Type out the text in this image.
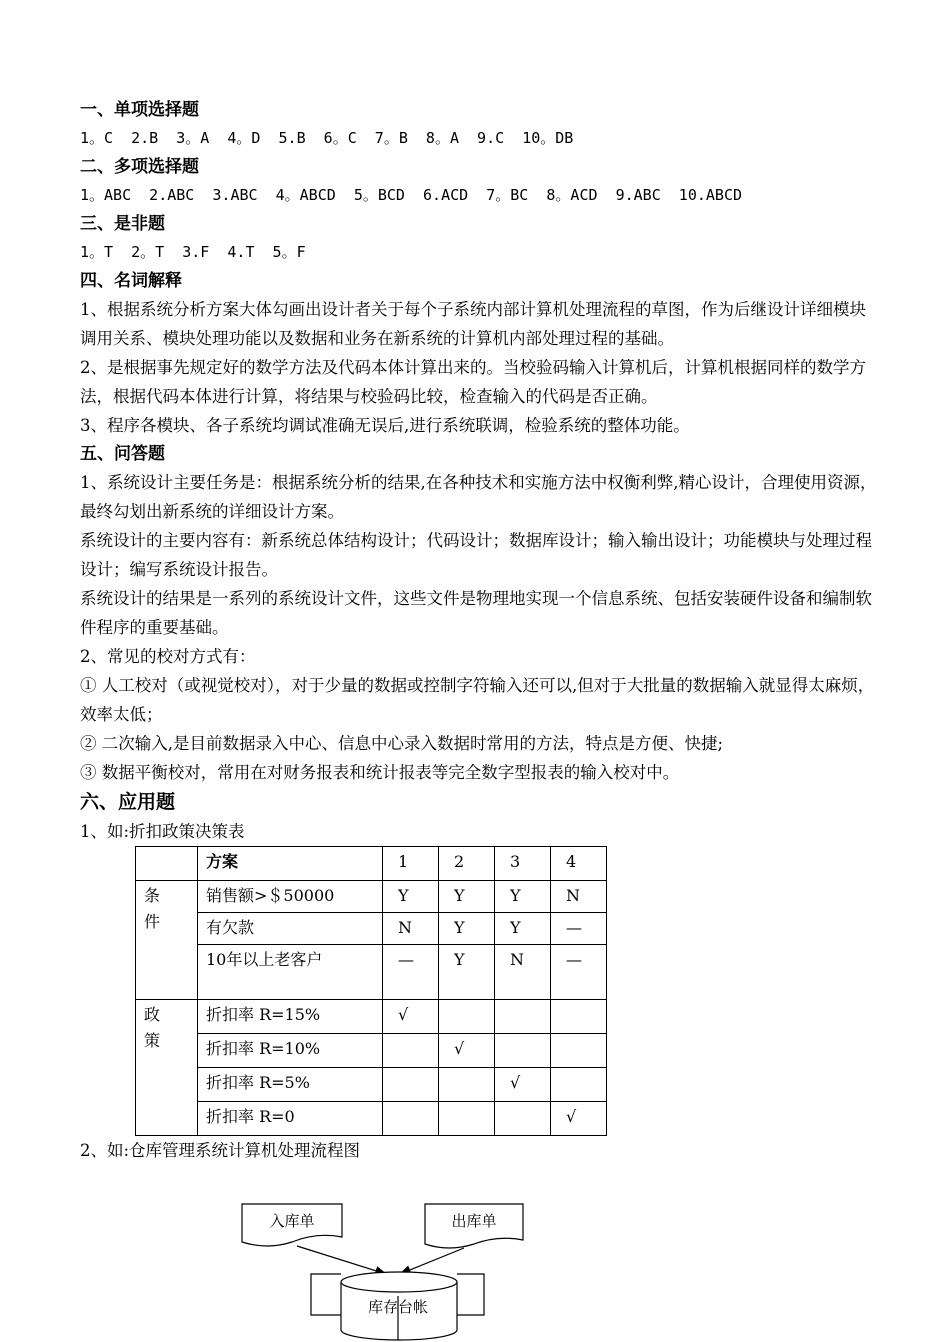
一、单项选择题
1。C  2.B  3。A  4。D  5.B  6。C  7。B  8。A  9.C  10。DB
二、多项选择题
1。ABC  2.ABC  3.ABC  4。ABCD  5。BCD  6.ACD  7。BC  8。ACD  9.ABC  10.ABCD
三、是非题
1。T  2。T  3.F  4.T  5。F
四、名词解释
1、根据系统分析方案大体勾画出设计者关于每个子系统内部计算机处理流程的草图，作为后继设计详细模块调用关系、模块处理功能以及数据和业务在新系统的计算机内部处理过程的基础。
2、是根据事先规定好的数学方法及代码本体计算出来的。当校验码输入计算机后，计算机根据同样的数学方法，根据代码本体进行计算，将结果与校验码比较，检查输入的代码是否正确。
3、程序各模块、各子系统均调试准确无误后,进行系统联调，检验系统的整体功能。
五、问答题
1、系统设计主要任务是：根据系统分析的结果,在各种技术和实施方法中权衡利弊,精心设计，合理使用资源，最终勾划出新系统的详细设计方案。
系统设计的主要内容有：新系统总体结构设计；代码设计；数据库设计；输入输出设计；功能模块与处理过程设计；编写系统设计报告。
系统设计的结果是一系列的系统设计文件，这些文件是物理地实现一个信息系统、包括安装硬件设备和编制软件程序的重要基础。
2、常见的校对方式有：
① 人工校对（或视觉校对），对于少量的数据或控制字符输入还可以,但对于大批量的数据输入就显得太麻烦，效率太低；
② 二次输入,是目前数据录入中心、信息中心录入数据时常用的方法，特点是方便、快捷;
③ 数据平衡校对，常用在对财务报表和统计报表等完全数字型报表的输入校对中。
六、应用题
1、如:折扣政策决策表
	方案	1	2	3	4

条
件	销售额>＄50000	Y	Y	Y	N
	有欠款	N	Y	Y	—
	10年以上老客户	—	Y	N	—

政
策	折扣率 R=15%	√			
	折扣率 R=10%		√		
	折扣率 R=5%			√	
	折扣率 R=0				√
2、如:仓库管理系统计算机处理流程图
入库单	出库单
库存台帐
